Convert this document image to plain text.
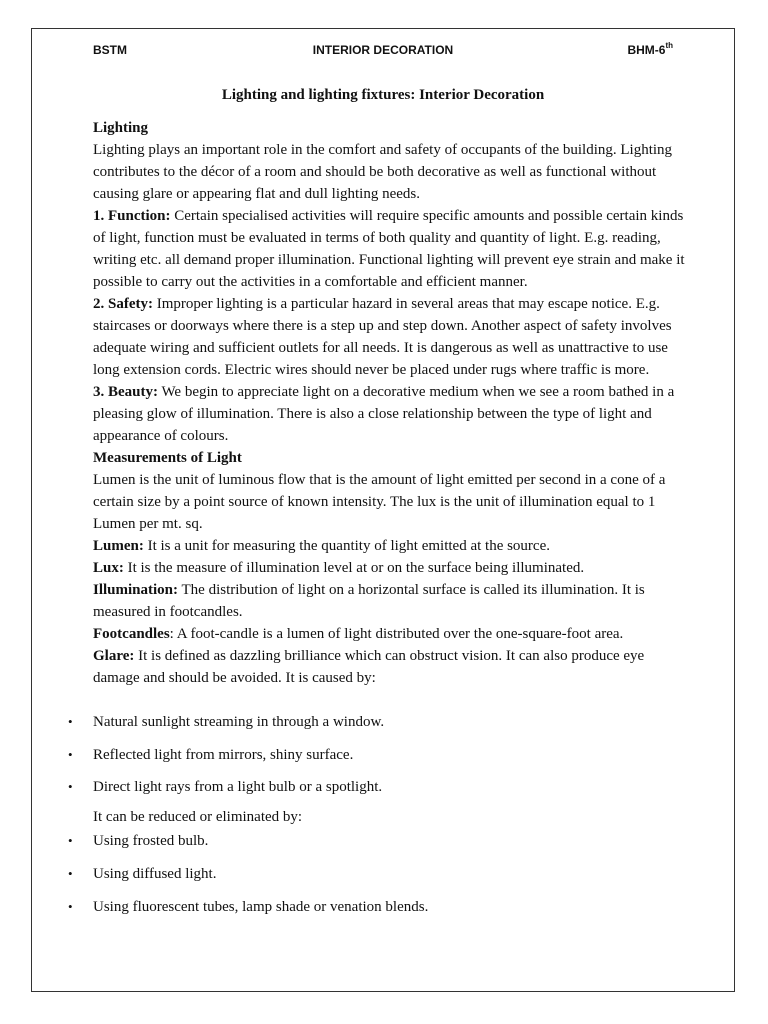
BSTM	INTERIOR DECORATION	BHM-6th
Lighting and lighting fixtures: Interior Decoration

Lighting

Lighting plays an important role in the comfort and safety of occupants of the building. Lighting contributes to the décor of a room and should be both decorative as well as functional without causing glare or appearing flat and dull lighting needs.

1. Function: Certain specialised activities will require specific amounts and possible certain kinds of light, function must be evaluated in terms of both quality and quantity of light. E.g. reading, writing etc. all demand proper illumination. Functional lighting will prevent eye strain and make it possible to carry out the activities in a comfortable and efficient manner.

2. Safety: Improper lighting is a particular hazard in several areas that may escape notice. E.g. staircases or doorways where there is a step up and step down. Another aspect of safety involves adequate wiring and sufficient outlets for all needs. It is dangerous as well as unattractive to use long extension cords. Electric wires should never be placed under rugs where traffic is more.

3. Beauty: We begin to appreciate light on a decorative medium when we see a room bathed in a pleasing glow of illumination. There is also a close relationship between the type of light and appearance of colours.

Measurements of Light

Lumen is the unit of luminous flow that is the amount of light emitted per second in a cone of a certain size by a point source of known intensity. The lux is the unit of illumination equal to 1 Lumen per mt. sq.

Lumen: It is a unit for measuring the quantity of light emitted at the source.

Lux: It is the measure of illumination level at or on the surface being illuminated.

Illumination: The distribution of light on a horizontal surface is called its illumination. It is measured in footcandles.

Footcandles: A foot-candle is a lumen of light distributed over the one-square-foot area.

Glare: It is defined as dazzling brilliance which can obstruct vision. It can also produce eye damage and should be avoided. It is caused by:

• Natural sunlight streaming in through a window.
• Reflected light from mirrors, shiny surface.
• Direct light rays from a light bulb or a spotlight.
It can be reduced or eliminated by:
• Using frosted bulb.
• Using diffused light.
• Using fluorescent tubes, lamp shade or venation blends.
